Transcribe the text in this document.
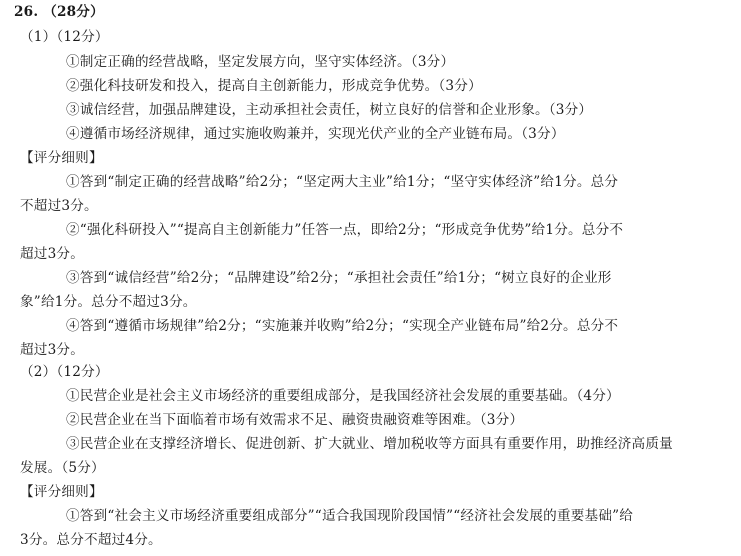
26. （28分）
（1）（12分）
①制定正确的经营战略，坚定发展方向，坚守实体经济。（3分）
②强化科技研发和投入，提高自主创新能力，形成竞争优势。（3分）
③诚信经营，加强品牌建设，主动承担社会责任，树立良好的信誉和企业形象。（3分）
④遵循市场经济规律，通过实施收购兼并，实现光伏产业的全产业链布局。（3分）
【评分细则】
①答到“制定正确的经营战略”给2分；“坚定两大主业”给1分；“坚守实体经济”给1分。总分
不超过3分。
②“强化科研投入”“提高自主创新能力”任答一点，即给2分；“形成竞争优势”给1分。总分不
超过3分。
③答到“诚信经营”给2分；“品牌建设”给2分；“承担社会责任”给1分；“树立良好的企业形
象”给1分。总分不超过3分。
④答到“遵循市场规律”给2分；“实施兼并收购”给2分；“实现全产业链布局”给2分。总分不
超过3分。
（2）（12分）
①民营企业是社会主义市场经济的重要组成部分，是我国经济社会发展的重要基础。（4分）
②民营企业在当下面临着市场有效需求不足、融资贵融资难等困难。（3分）
③民营企业在支撑经济增长、促进创新、扩大就业、增加税收等方面具有重要作用，助推经济高质量
发展。（5分）
【评分细则】
①答到“社会主义市场经济重要组成部分”“适合我国现阶段国情”“经济社会发展的重要基础”给
3分。总分不超过4分。
